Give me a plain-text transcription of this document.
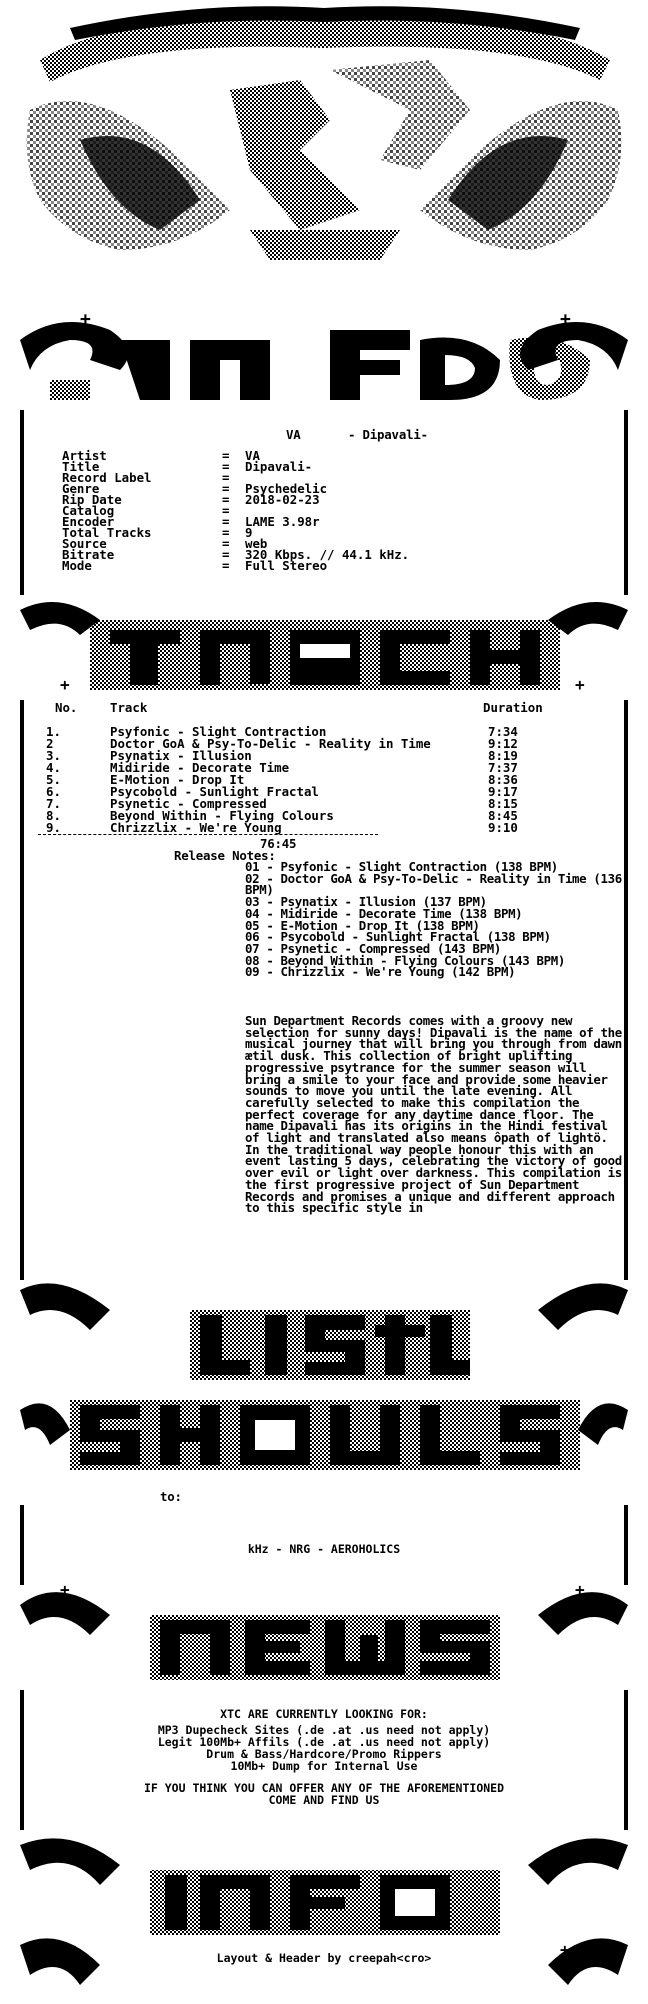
+	+
VA	- Dipavali-
Artist	= VA
Title	= Dipavali-
Record Label	=
Genre	= Psychedelic
Rip Date	= 2018-02-23
Catalog	=
Encoder	= LAME 3.98r
Total Tracks	= 9
Source	= web
Bitrate	= 320 Kbps. // 44.1 kHz.
Mode	= Full Stereo
+	+
No.	Track	Duration
1.	Psyfonic - Slight Contraction	7:34
2	Doctor GoA & Psy-To-Delic - Reality in Time	9:12
3.	Psynatix - Illusion	8:19
4.	Midiride - Decorate Time	7:37
5.	E-Motion - Drop It	8:36
6.	Psycobold - Sunlight Fractal	9:17
7.	Psynetic - Compressed	8:15
8.	Beyond Within - Flying Colours	8:45
9.	Chrizzlix - We're Young	9:10
76:45
Release Notes:
01 - Psyfonic - Slight Contraction (138 BPM)
02 - Doctor GoA & Psy-To-Delic - Reality in Time (136 BPM)
03 - Psynatix - Illusion (137 BPM)
04 - Midiride - Decorate Time (138 BPM)
05 - E-Motion - Drop It (138 BPM)
06 - Psycobold - Sunlight Fractal (138 BPM)
07 - Psynetic - Compressed (143 BPM)
08 - Beyond Within - Flying Colours (143 BPM)
09 - Chrizzlix - We're Young (142 BPM)
Sun Department Records comes with a groovy new selection for sunny days! Dipavali is the name of the musical journey that will bring you through from dawn ætil dusk. This collection of bright uplifting progressive psytrance for the summer season will bring a smile to your face and provide some heavier sounds to move you until the late evening. All carefully selected to make this compilation the perfect coverage for any daytime dance floor. The name Dipavali has its origins in the Hindi festival of light and translated also means ôpath of lightö. In the traditional way people honour this with an event lasting 5 days, celebrating the victory of good over evil or light over darkness. This compilation is the first progressive project of Sun Department Records and promises a unique and different approach to this specific style in
to:
kHz - NRG - AEROHOLICS
+	+
XTC ARE CURRENTLY LOOKING FOR:
MP3 Dupecheck Sites (.de .at .us need not apply)
Legit 100Mb+ Affils (.de .at .us need not apply)
Drum & Bass/Hardcore/Promo Rippers
10Mb+ Dump for Internal Use
IF YOU THINK YOU CAN OFFER ANY OF THE AFOREMENTIONED
COME AND FIND US
+	+
Layout & Header by creepah<cro>
